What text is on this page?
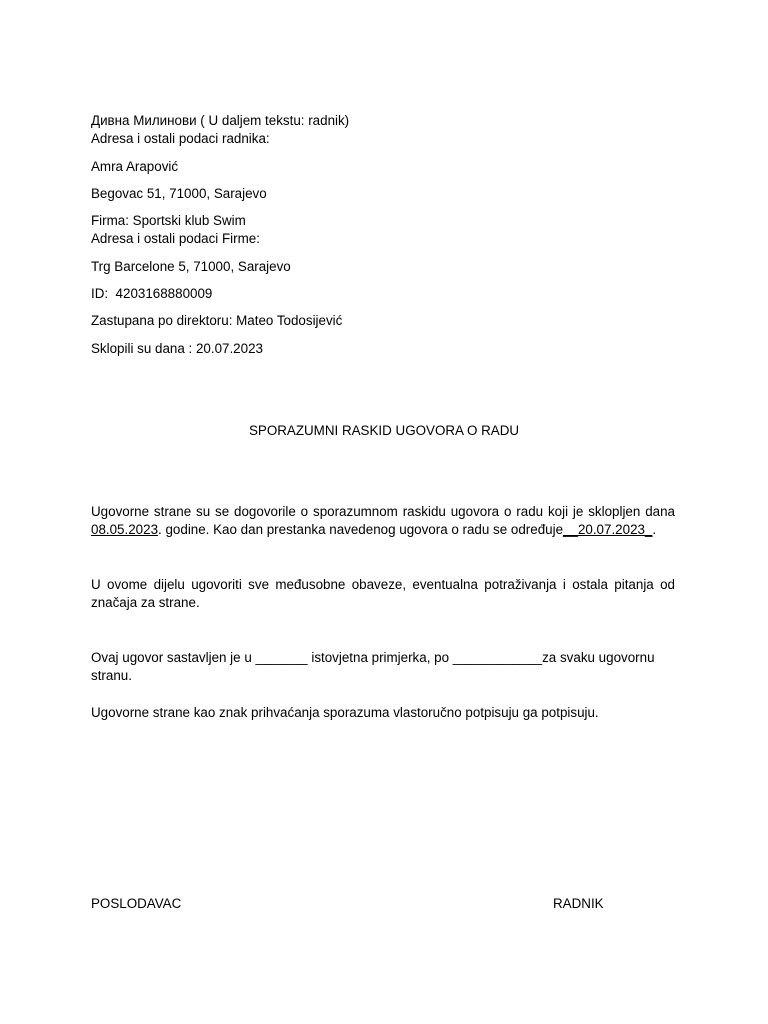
Дивна Милинови ( U daljem tekstu: radnik)
Adresa i ostali podaci radnika:
Amra Arapović
Begovac 51, 71000, Sarajevo
Firma: Sportski klub Swim
Adresa i ostali podaci Firme:
Trg Barcelone 5, 71000, Sarajevo
ID:  4203168880009
Zastupana po direktoru: Mateo Todosijević
Sklopili su dana : 20.07.2023
SPORAZUMNI RASKID UGOVORA O RADU
Ugovorne strane su se dogovorile o sporazumnom raskidu ugovora o radu koji je sklopljen dana 08.05.2023. godine. Kao dan prestanka navedenog ugovora o radu se određuje__20.07.2023_.
U ovome dijelu ugovoriti sve međusobne obaveze, eventualna potraživanja i ostala pitanja od značaja za strane.
Ovaj ugovor sastavljen je u _______ istovjetna primjerka, po ____________za svaku ugovornu stranu.
Ugovorne strane kao znak prihvaćanja sporazuma vlastoručno potpisuju ga potpisuju.
POSLODAVAC	RADNIK
